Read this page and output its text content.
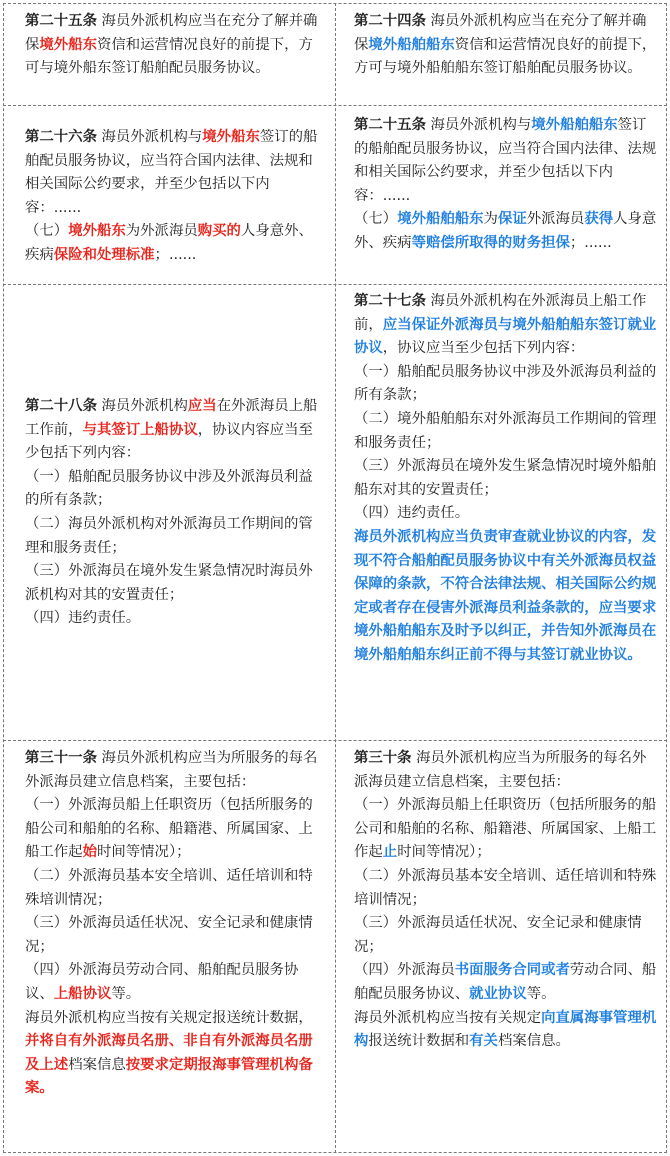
第二十五条 海员外派机构应当在充分了解并确保境外船东资信和运营情况良好的前提下，方可与境外船东签订船舶配员服务协议。

第二十四条 海员外派机构应当在充分了解并确保境外船舶船东资信和运营情况良好的前提下，方可与境外船舶船东签订船舶配员服务协议。

第二十六条 海员外派机构与境外船东签订的船舶配员服务协议，应当符合国内法律、法规和相关国际公约要求，并至少包括以下内容：......

（七）境外船东为外派海员购买的人身意外、疾病保险和处理标准；......

第二十五条 海员外派机构与境外船舶船东签订的船舶配员服务协议，应当符合国内法律、法规和相关国际公约要求，并至少包括以下内容：......

（七）境外船舶船东为保证外派海员获得人身意外、疾病等赔偿所取得的财务担保；......

第二十八条 海员外派机构应当在外派海员上船工作前，与其签订上船协议，协议内容应当至少包括下列内容：

（一）船舶配员服务协议中涉及外派海员利益的所有条款；

（二）海员外派机构对外派海员工作期间的管理和服务责任；

（三）外派海员在境外发生紧急情况时海员外派机构对其的安置责任；

（四）违约责任。

第二十七条 海员外派机构在外派海员上船工作前，应当保证外派海员与境外船舶船东签订就业协议，协议应当至少包括下列内容：

（一）船舶配员服务协议中涉及外派海员利益的所有条款；

（二）境外船舶船东对外派海员工作期间的管理和服务责任；

（三）外派海员在境外发生紧急情况时境外船舶船东对其的安置责任；

（四）违约责任。

海员外派机构应当负责审查就业协议的内容，发现不符合船舶配员服务协议中有关外派海员权益保障的条款，不符合法律法规、相关国际公约规定或者存在侵害外派海员利益条款的，应当要求境外船舶船东及时予以纠正，并告知外派海员在境外船舶船东纠正前不得与其签订就业协议。

第三十一条 海员外派机构应当为所服务的每名外派海员建立信息档案，主要包括：

（一）外派海员船上任职资历（包括所服务的船公司和船舶的名称、船籍港、所属国家、上船工作起始时间等情况）；

（二）外派海员基本安全培训、适任培训和特殊培训情况；

（三）外派海员适任状况、安全记录和健康情况；

（四）外派海员劳动合同、船舶配员服务协议、上船协议等。

海员外派机构应当按有关规定报送统计数据，并将自有外派海员名册、非自有外派海员名册及上述档案信息按要求定期报海事管理机构备案。

第三十条 海员外派机构应当为所服务的每名外派海员建立信息档案，主要包括：

（一）外派海员船上任职资历（包括所服务的船公司和船舶的名称、船籍港、所属国家、上船工作起止时间等情况）；

（二）外派海员基本安全培训、适任培训和特殊培训情况；

（三）外派海员适任状况、安全记录和健康情况；

（四）外派海员书面服务合同或者劳动合同、船舶配员服务协议、就业协议等。

海员外派机构应当按有关规定向直属海事管理机构报送统计数据和有关档案信息。
